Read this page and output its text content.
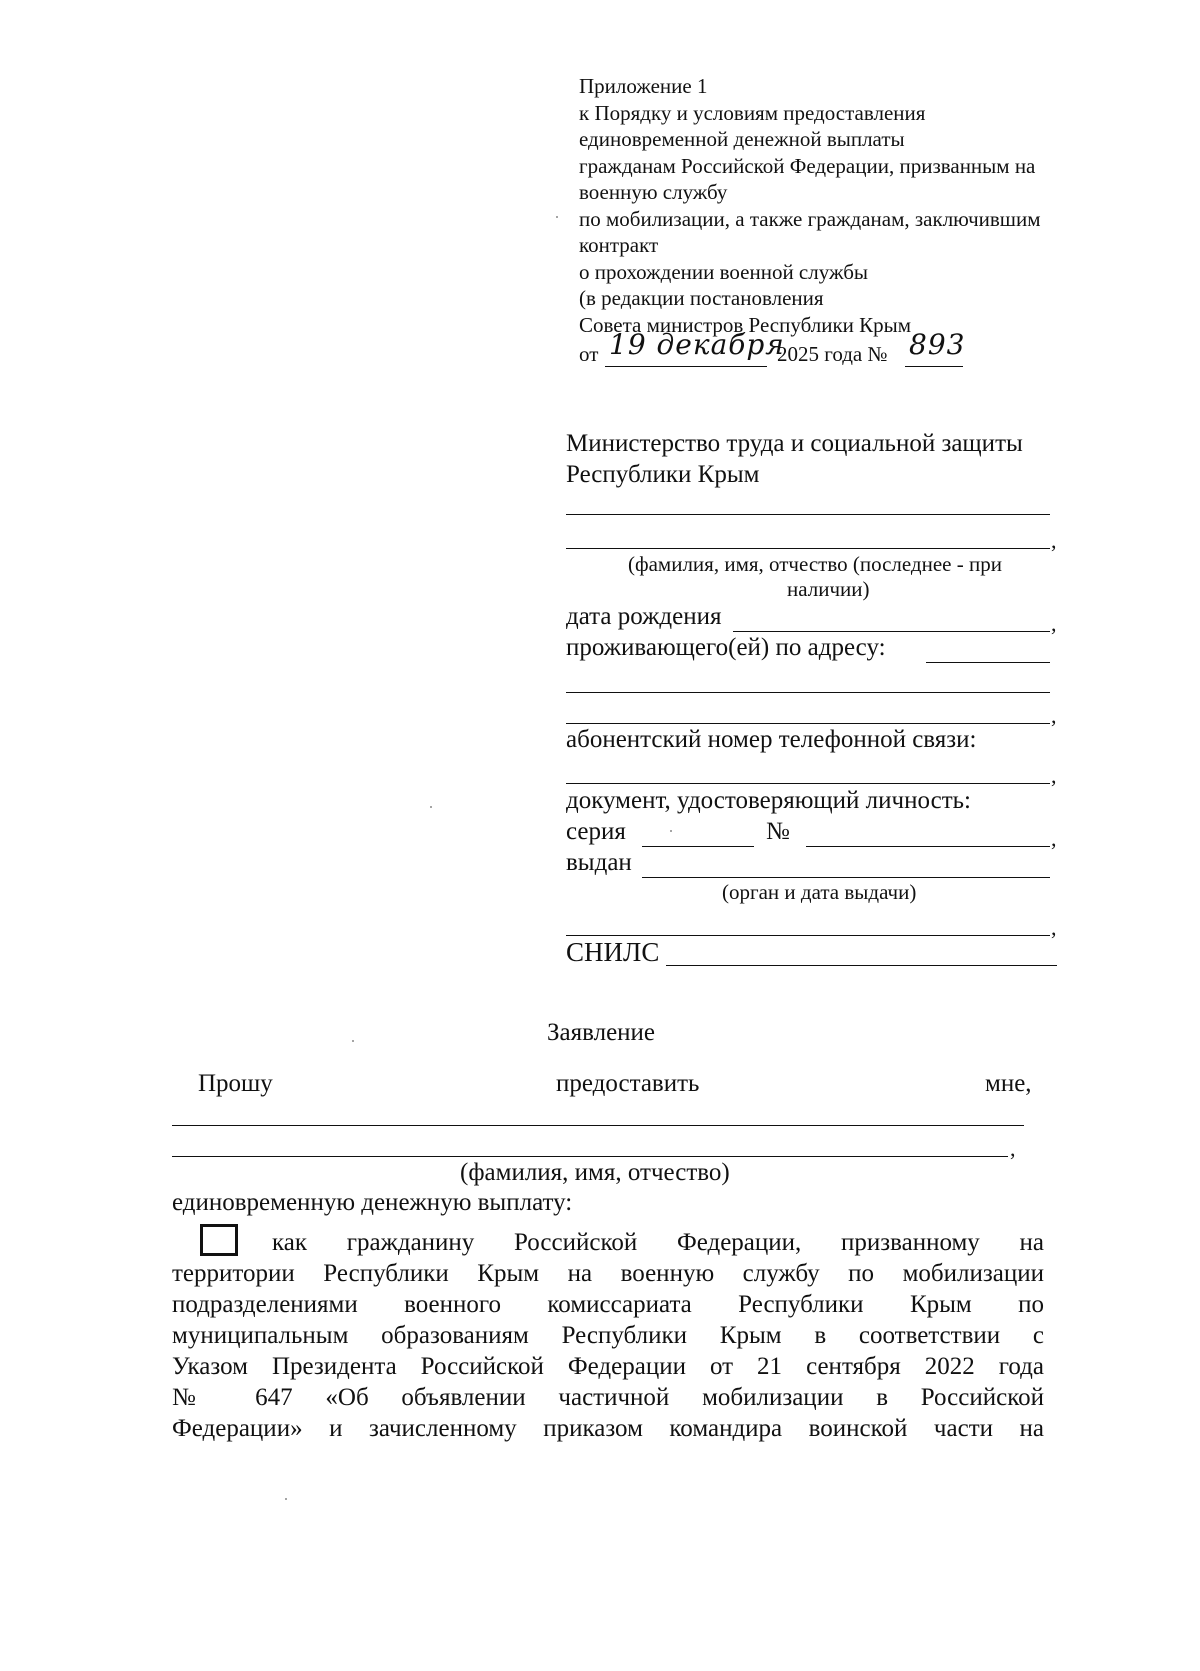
Приложение 1
к Порядку и условиям предоставления
единовременной денежной выплаты
гражданам Российской Федерации, призванным на
военную службу
по мобилизации, а также гражданам, заключившим
контракт
о прохождении военной службы
(в редакции постановления
Совета министров Республики Крым
от 19 декабря
2025 года № 893
Министерство труда и социальной защиты
Республики Крым
,
(фамилия, имя, отчество (последнее - при
наличии)
дата рождения	,
проживающего(ей) по адресу:
,
абонентский номер телефонной связи:
,
документ, удостоверяющий личность:
серия	№	,
выдан
(орган и дата выдачи)
,
СНИЛС
Заявление
Прошу	предоставить	мне,
,
(фамилия, имя, отчество)
единовременную денежную выплату:
как гражданину Российской Федерации, призванному на
территории Республики Крым на военную службу по мобилизации
подразделениями военного комиссариата Республики Крым по
муниципальным образованиям Республики Крым в соответствии с
Указом Президента Российской Федерации от 21 сентября 2022 года
№ 647 «Об объявлении частичной мобилизации в Российской
Федерации» и зачисленному приказом командира воинской части на
